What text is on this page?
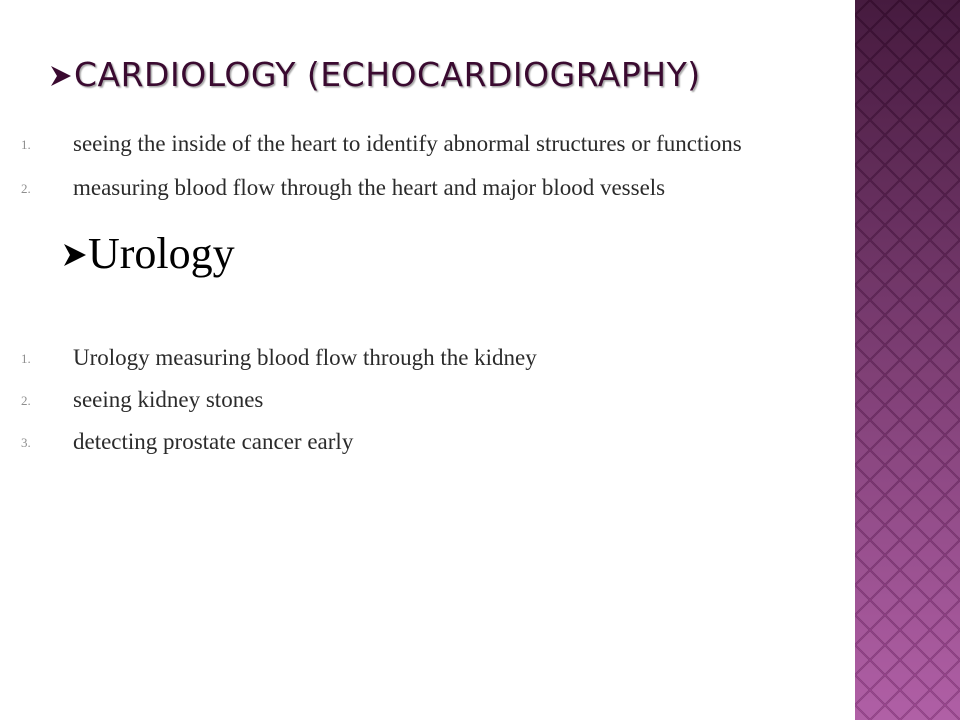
CARDIOLOGY (ECHOCARDIOGRAPHY)
1. seeing the inside of the heart to identify abnormal structures or functions
2. measuring blood flow through the heart and major blood vessels
Urology
1. Urology measuring blood flow through the kidney
2. seeing kidney stones
3. detecting prostate cancer early
